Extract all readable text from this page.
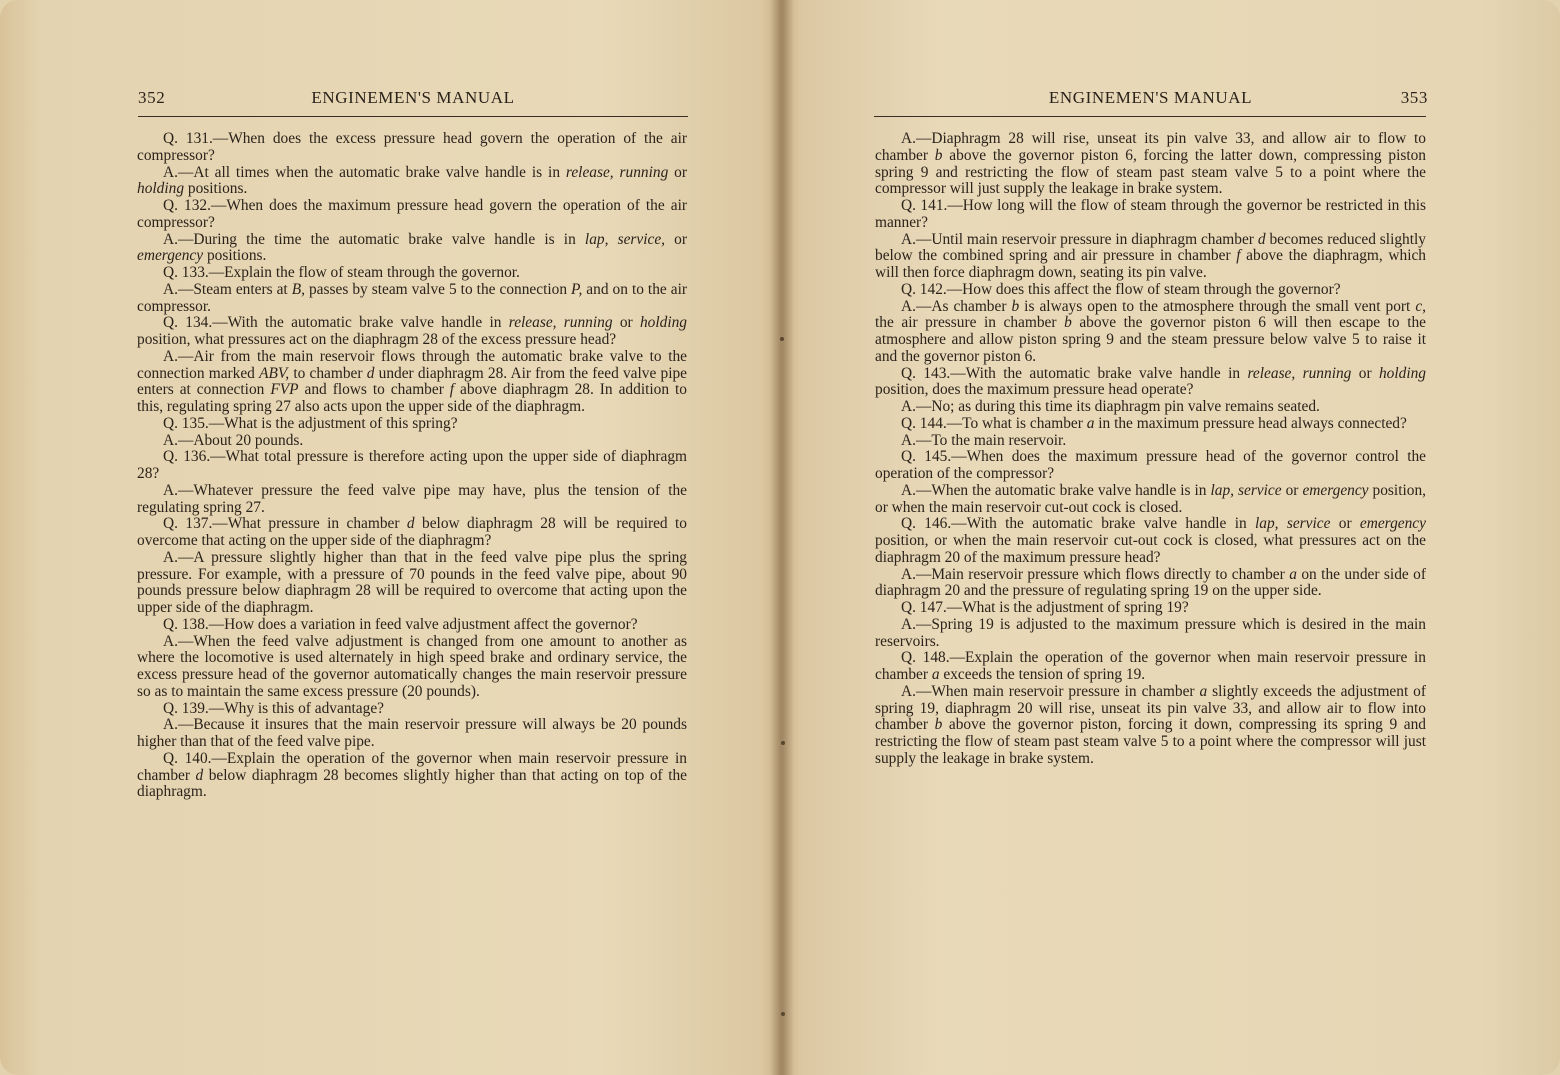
352	ENGINEMEN'S MANUAL

Q. 131.—When does the excess pressure head govern the operation of the air compressor?

A.—At all times when the automatic brake valve handle is in release, running or holding positions.

Q. 132.—When does the maximum pressure head govern the operation of the air compressor?

A.—During the time the automatic brake valve handle is in lap, service, or emergency positions.

Q. 133.—Explain the flow of steam through the governor.

A.—Steam enters at B, passes by steam valve 5 to the connection P, and on to the air compressor.

Q. 134.—With the automatic brake valve handle in release, running or holding position, what pressures act on the diaphragm 28 of the excess pressure head?

A.—Air from the main reservoir flows through the automatic brake valve to the connection marked ABV, to chamber d under diaphragm 28. Air from the feed valve pipe enters at connection FVP and flows to chamber f above diaphragm 28. In addition to this, regulating spring 27 also acts upon the upper side of the diaphragm.

Q. 135.—What is the adjustment of this spring?

A.—About 20 pounds.

Q. 136.—What total pressure is therefore acting upon the upper side of diaphragm 28?

A.—Whatever pressure the feed valve pipe may have, plus the tension of the regulating spring 27.

Q. 137.—What pressure in chamber d below diaphragm 28 will be required to overcome that acting on the upper side of the diaphragm?

A.—A pressure slightly higher than that in the feed valve pipe plus the spring pressure. For example, with a pressure of 70 pounds in the feed valve pipe, about 90 pounds pressure below diaphragm 28 will be required to overcome that acting upon the upper side of the diaphragm.

Q. 138.—How does a variation in feed valve adjustment affect the governor?

A.—When the feed valve adjustment is changed from one amount to another as where the locomotive is used alternately in high speed brake and ordinary service, the excess pressure head of the governor automatically changes the main reservoir pressure so as to maintain the same excess pressure (20 pounds).

Q. 139.—Why is this of advantage?

A.—Because it insures that the main reservoir pressure will always be 20 pounds higher than that of the feed valve pipe.

Q. 140.—Explain the operation of the governor when main reservoir pressure in chamber d below diaphragm 28 becomes slightly higher than that acting on top of the diaphragm.

ENGINEMEN'S MANUAL	353

A.—Diaphragm 28 will rise, unseat its pin valve 33, and allow air to flow to chamber b above the governor piston 6, forcing the latter down, compressing piston spring 9 and restricting the flow of steam past steam valve 5 to a point where the compressor will just supply the leakage in brake system.

Q. 141.—How long will the flow of steam through the governor be restricted in this manner?

A.—Until main reservoir pressure in diaphragm chamber d becomes reduced slightly below the combined spring and air pressure in chamber f above the diaphragm, which will then force diaphragm down, seating its pin valve.

Q. 142.—How does this affect the flow of steam through the governor?

A.—As chamber b is always open to the atmosphere through the small vent port c, the air pressure in chamber b above the governor piston 6 will then escape to the atmosphere and allow piston spring 9 and the steam pressure below valve 5 to raise it and the governor piston 6.

Q. 143.—With the automatic brake valve handle in release, running or holding position, does the maximum pressure head operate?

A.—No; as during this time its diaphragm pin valve remains seated.

Q. 144.—To what is chamber a in the maximum pressure head always connected?

A.—To the main reservoir.

Q. 145.—When does the maximum pressure head of the governor control the operation of the compressor?

A.—When the automatic brake valve handle is in lap, service or emergency position, or when the main reservoir cut-out cock is closed.

Q. 146.—With the automatic brake valve handle in lap, service or emergency position, or when the main reservoir cut-out cock is closed, what pressures act on the diaphragm 20 of the maximum pressure head?

A.—Main reservoir pressure which flows directly to chamber a on the under side of diaphragm 20 and the pressure of regulating spring 19 on the upper side.

Q. 147.—What is the adjustment of spring 19?

A.—Spring 19 is adjusted to the maximum pressure which is desired in the main reservoirs.

Q. 148.—Explain the operation of the governor when main reservoir pressure in chamber a exceeds the tension of spring 19.

A.—When main reservoir pressure in chamber a slightly exceeds the adjustment of spring 19, diaphragm 20 will rise, unseat its pin valve 33, and allow air to flow into chamber b above the governor piston, forcing it down, compressing its spring 9 and restricting the flow of steam past steam valve 5 to a point where the compressor will just supply the leakage in brake system.
